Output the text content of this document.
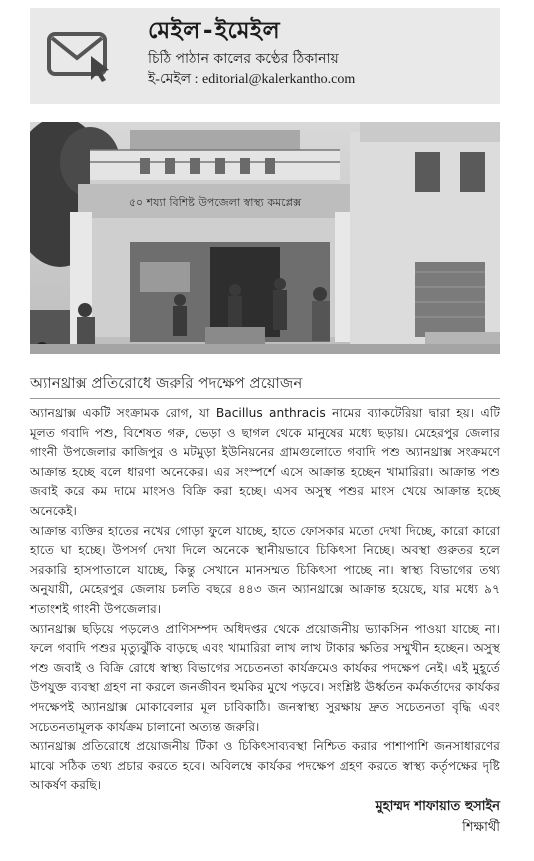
মেইল-ইমেইল
চিঠি পাঠান কালের কণ্ঠের ঠিকানায়
ই-মেইল : editorial@kalerkantho.com
৫০ শয্যা বিশিষ্ট উপজেলা স্বাস্থ্য কমপ্লেক্স
অ্যানথ্রাক্স প্রতিরোধে জরুরি পদক্ষেপ প্রয়োজন

অ্যানথ্রাক্স একটি সংক্রামক রোগ, যা Bacillus anthracis নামের ব্যাকটেরিয়া দ্বারা হয়। এটি মূলত গবাদি পশু, বিশেষত গরু, ভেড়া ও ছাগল থেকে মানুষের মধ্যে ছড়ায়। মেহেরপুর জেলার গাংনী উপজেলার কাজিপুর ও মটমুড়া ইউনিয়নের গ্রামগুলোতে গবাদি পশু অ্যানথ্রাক্স সংক্রমণে আক্রান্ত হচ্ছে বলে ধারণা অনেকের। এর সংস্পর্শে এসে আক্রান্ত হচ্ছেন খামারিরা। আক্রান্ত পশু জবাই করে কম দামে মাংসও বিক্রি করা হচ্ছে। এসব অসুস্থ পশুর মাংস খেয়ে আক্রান্ত হচ্ছে অনেকেই।

আক্রান্ত ব্যক্তির হাতের নখের গোড়া ফুলে যাচ্ছে, হাতে ফোসকার মতো দেখা দিচ্ছে, কারো কারো হাতে ঘা হচ্ছে। উপসর্গ দেখা দিলে অনেকে স্থানীয়ভাবে চিকিৎসা নিচ্ছে। অবস্থা গুরুতর হলে সরকারি হাসপাতালে যাচ্ছে, কিন্তু সেখানে মানসম্মত চিকিৎসা পাচ্ছে না। স্বাস্থ্য বিভাগের তথ্য অনুযায়ী, মেহেরপুর জেলায় চলতি বছরে ৪৪৩ জন অ্যানথ্রাক্সে আক্রান্ত হয়েছে, যার মধ্যে ৯৭ শতাংশই গাংনী উপজেলার।

অ্যানথ্রাক্স ছড়িয়ে পড়লেও প্রাণিসম্পদ অধিদপ্তর থেকে প্রয়োজনীয় ভ্যাকসিন পাওয়া যাচ্ছে না। ফলে গবাদি পশুর মৃত্যুঝুঁকি বাড়ছে এবং খামারিরা লাখ লাখ টাকার ক্ষতির সম্মুখীন হচ্ছেন। অসুস্থ পশু জবাই ও বিক্রি রোধে স্বাস্থ্য বিভাগের সচেতনতা কার্যক্রমেও কার্যকর পদক্ষেপ নেই। এই মুহূর্তে উপযুক্ত ব্যবস্থা গ্রহণ না করলে জনজীবন হুমকির মুখে পড়বে। সংশ্লিষ্ট ঊর্ধ্বতন কর্মকর্তাদের কার্যকর পদক্ষেপই অ্যানথ্রাক্স মোকাবেলার মূল চাবিকাঠি। জনস্বাস্থ্য সুরক্ষায় দ্রুত সচেতনতা বৃদ্ধি এবং সচেতনতামূলক কার্যক্রম চালানো অত্যন্ত জরুরি।

অ্যানথ্রাক্স প্রতিরোধে প্রয়োজনীয় টিকা ও চিকিৎসাব্যবস্থা নিশ্চিত করার পাশাপাশি জনসাধারণের মাঝে সঠিক তথ্য প্রচার করতে হবে। অবিলম্বে কার্যকর পদক্ষেপ গ্রহণ করতে স্বাস্থ্য কর্তৃপক্ষের দৃষ্টি আকর্ষণ করছি।

মুহাম্মদ শাফায়াত হুসাইন
শিক্ষার্থী
